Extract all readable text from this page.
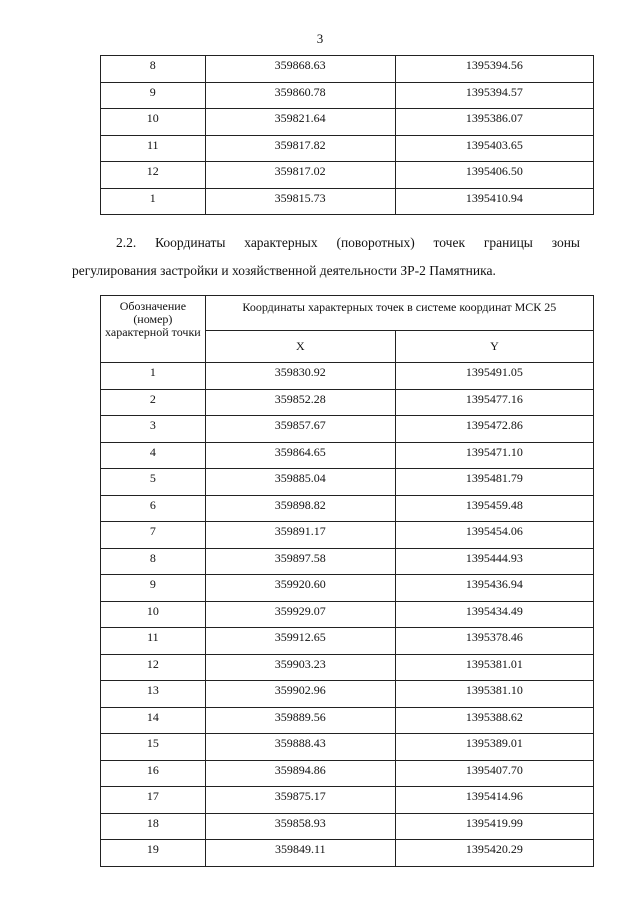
3
8	359868.63	1395394.56
9	359860.78	1395394.57
10	359821.64	1395386.07
11	359817.82	1395403.65
12	359817.02	1395406.50
1	359815.73	1395410.94
2.2. Координаты характерных (поворотных) точек границы зоны
регулирования застройки и хозяйственной деятельности ЗР-2 Памятника.
Обозначение (номер) характерной точки	Координаты характерных точек в системе координат МСК 25	
	X	Y
1	359830.92	1395491.05
2	359852.28	1395477.16
3	359857.67	1395472.86
4	359864.65	1395471.10
5	359885.04	1395481.79
6	359898.82	1395459.48
7	359891.17	1395454.06
8	359897.58	1395444.93
9	359920.60	1395436.94
10	359929.07	1395434.49
11	359912.65	1395378.46
12	359903.23	1395381.01
13	359902.96	1395381.10
14	359889.56	1395388.62
15	359888.43	1395389.01
16	359894.86	1395407.70
17	359875.17	1395414.96
18	359858.93	1395419.99
19	359849.11	1395420.29
